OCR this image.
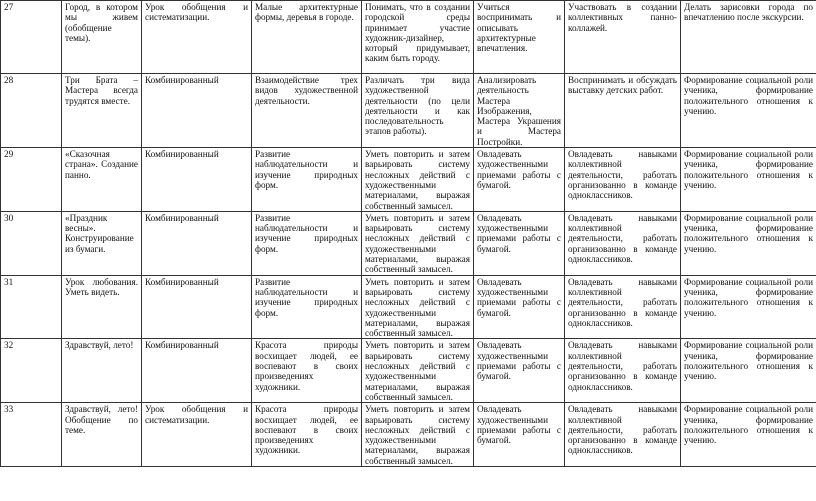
27	Город, в котором мы живем (обобщение темы).	Урок обобщения и систематизации.	Малые архитектурные формы, деревья в городе.	Понимать, что в создании городской среды принимает участие художник-дизайнер, который придумывает, каким быть городу.	Учиться воспринимать и описывать архитектурные впечатления.	Участвовать в создании коллективных панно-коллажей.	Делать зарисовки города по впечатлению после экскурсии.
28	Три Брата – Мастера всегда трудятся вместе.	Комбинированный	Взаимодействие трех видов художественной деятельности.	Различать три вида художественной деятельности (по цели деятельности и как последовательность этапов работы).	Анализировать деятельность Мастера Изображения, Мастера Украшения и Мастера Постройки.	Воспринимать и обсуждать выставку детских работ.	Формирование социальной роли ученика, формирование положительного отношения к учению.
29	«Сказочная страна». Создание панно.	Комбинированный	Развитие наблюдательности и изучение природных форм.	Уметь повторить и затем варьировать систему несложных действий с художественными материалами, выражая собственный замысел.	Овладевать художественными приемами работы с бумагой.	Овладевать навыками коллективной деятельности, работать организованно в команде одноклассников.	Формирование социальной роли ученика, формирование положительного отношения к учению.
30	«Праздник весны». Конструирование из бумаги.	Комбинированный	Развитие наблюдательности и изучение природных форм.	Уметь повторить и затем варьировать систему несложных действий с художественными материалами, выражая собственный замысел.	Овладевать художественными приемами работы с бумагой.	Овладевать навыками коллективной деятельности, работать организованно в команде одноклассников.	Формирование социальной роли ученика, формирование положительного отношения к учению.
31	Урок любования. Уметь видеть.	Комбинированный	Развитие наблюдательности и изучение природных форм.	Уметь повторить и затем варьировать систему несложных действий с художественными материалами, выражая собственный замысел.	Овладевать художественными приемами работы с бумагой.	Овладевать навыками коллективной деятельности, работать организованно в команде одноклассников.	Формирование социальной роли ученика, формирование положительного отношения к учению.
32	Здравствуй, лето!	Комбинированный	Красота природы восхищает людей, ее воспевают в своих произведениях художники.	Уметь повторить и затем варьировать систему несложных действий с художественными материалами, выражая собственный замысел.	Овладевать художественными приемами работы с бумагой.	Овладевать навыками коллективной деятельности, работать организованно в команде одноклассников.	Формирование социальной роли ученика, формирование положительного отношения к учению.
33	Здравствуй, лето! Обобщение по теме.	Урок обобщения и систематизации.	Красота природы восхищает людей, ее воспевают в своих произведениях художники.	Уметь повторить и затем варьировать систему несложных действий с художественными материалами, выражая собственный замысел.	Овладевать художественными приемами работы с бумагой.	Овладевать навыками коллективной деятельности, работать организованно в команде одноклассников.	Формирование социальной роли ученика, формирование положительного отношения к учению.
